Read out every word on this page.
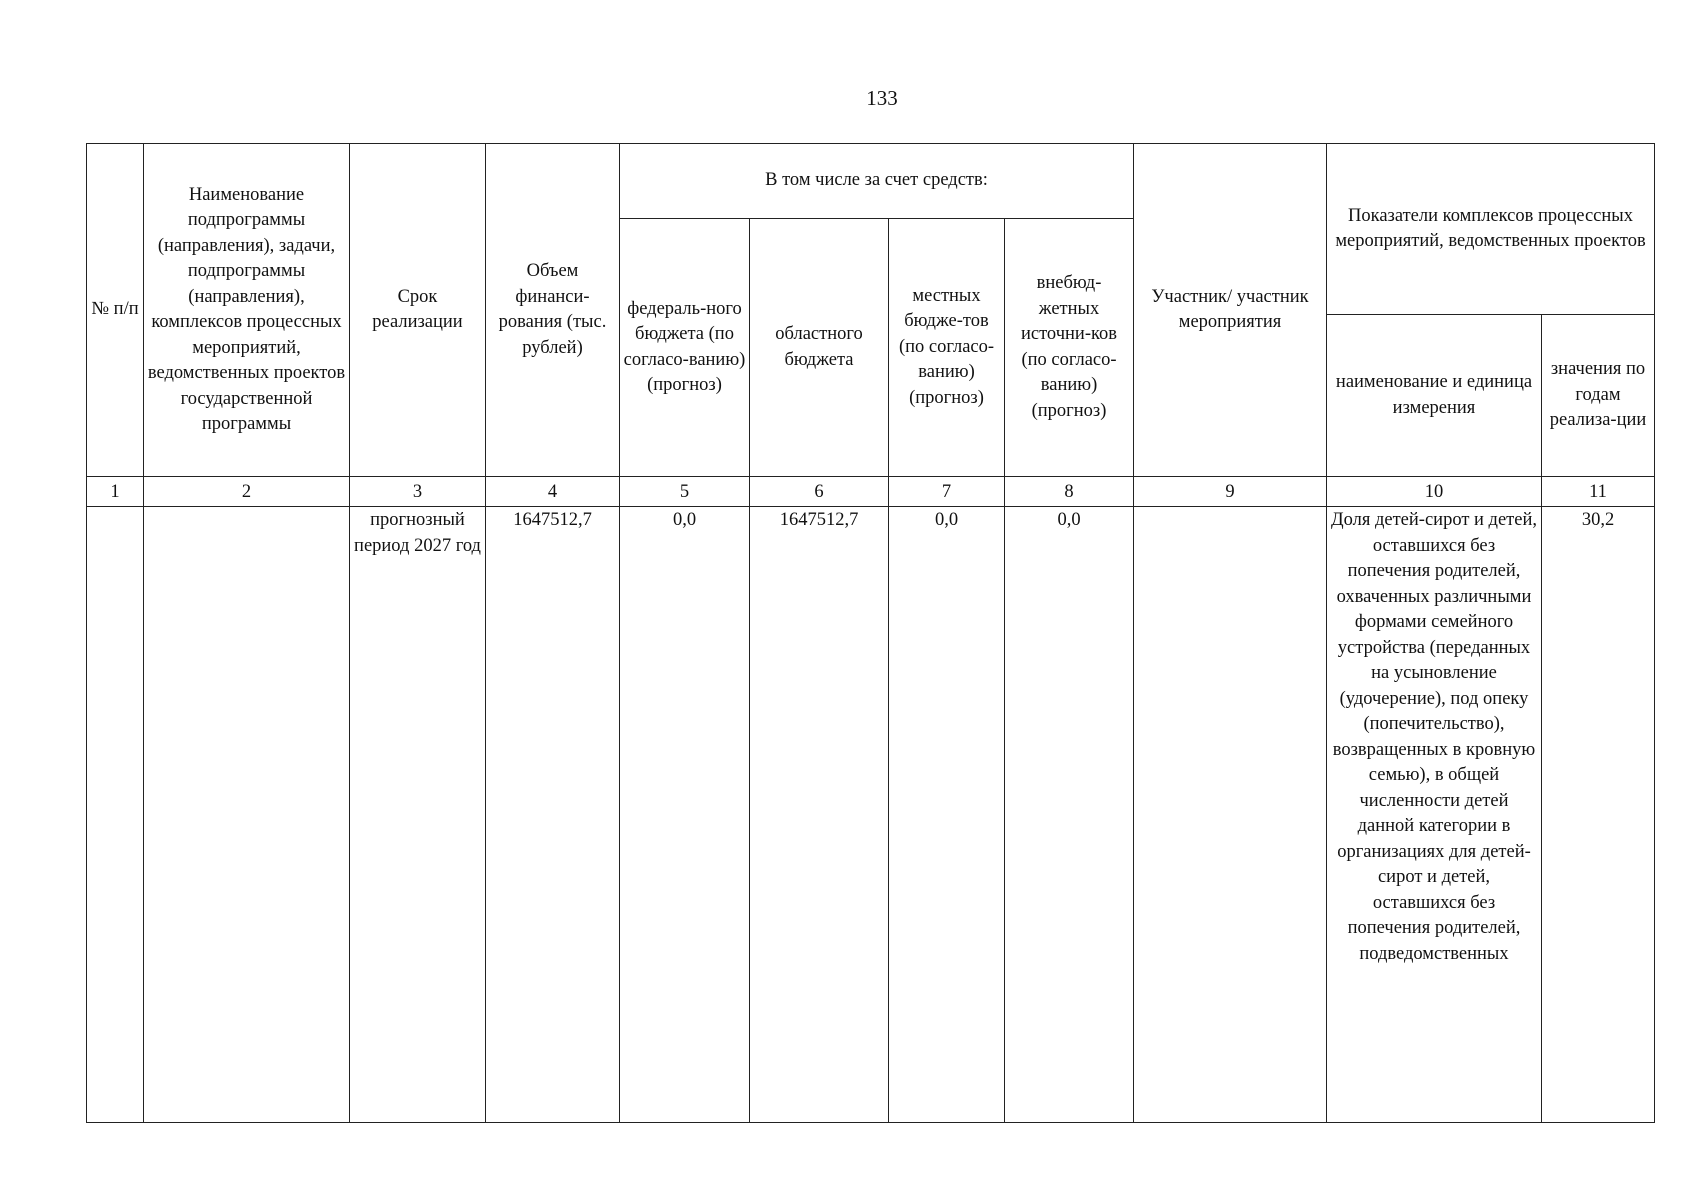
133
№ п/п	Наименование подпрограммы (направления), задачи, подпрограммы (направления), комплексов процессных мероприятий, ведомственных проектов государственной программы	Срок реализации	Объем финанси-рования (тыс. рублей)	В том числе за счет средств:				Участник/ участник мероприятия	Показатели комплексов процессных мероприятий, ведомственных проектов	
				федераль-ного бюджета (по согласо-ванию) (прогноз)	областного бюджета	местных бюдже-тов (по согласо-ванию) (прогноз)	внебюд-жетных источни-ков (по согласо-ванию) (прогноз)			
									наименование и единица измерения	значения по годам реализа-ции
1	2	3	4	5	6	7	8	9	10	11
		прогнозный период 2027 год	1647512,7	0,0	1647512,7	0,0	0,0		Доля детей-сирот и детей, оставшихся без попечения родителей, охваченных различными формами семейного устройства (переданных на усыновление (удочерение), под опеку (попечительство), возвращенных в кровную семью), в общей численности детей данной категории в организациях для детей-сирот и детей, оставшихся без попечения родителей, подведомственных	30,2
